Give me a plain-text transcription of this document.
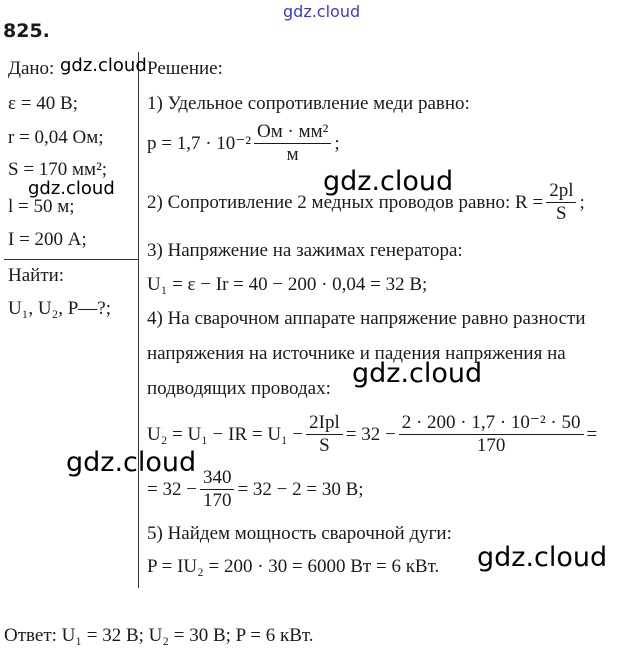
gdz.cloud
825.
Дано:
ε = 40 В;
r = 0,04 Ом;
S = 170 мм²;
l = 50 м;
I = 200 А;
Найти:
U₁, U₂, P—?;
Решение:
1) Удельное сопротивление меди равно:
$p = 1,7 \cdot 10^{-2} \frac{\text{Ом · мм²}}{м}$ ;
2) Сопротивление 2 медных проводов равно: $R = \frac{2pl}{S}$ ;
3) Напряжение на зажимах генератора:
U₁ = ε − Ir = 40 − 200 · 0,04 = 32 В;
4) На сварочном аппарате напряжение равно разности
напряжения на источнике и падения напряжения на
подводящих проводах:
U₂ = U₁ − IR = $U_1 - \frac{\text{2Ipl}}{S} = 32 - \frac{\text{2 · 200 · 1,7 · 10⁻² · 50}}{170}$ =
= $32 - \frac{340}{170} = 32 - 2 = 30$ В;
5) Найдем мощность сварочной дуги:
P = IU₂ = 200 · 30 = 6000 Вт = 6 кВт.
Ответ: U₁ = 32 В; U₂ = 30 В; P = 6 кВт.
gdz.cloud
gdz.cloud	gdz.cloud
gdz.cloud
gdz.cloud
gdz.cloud
